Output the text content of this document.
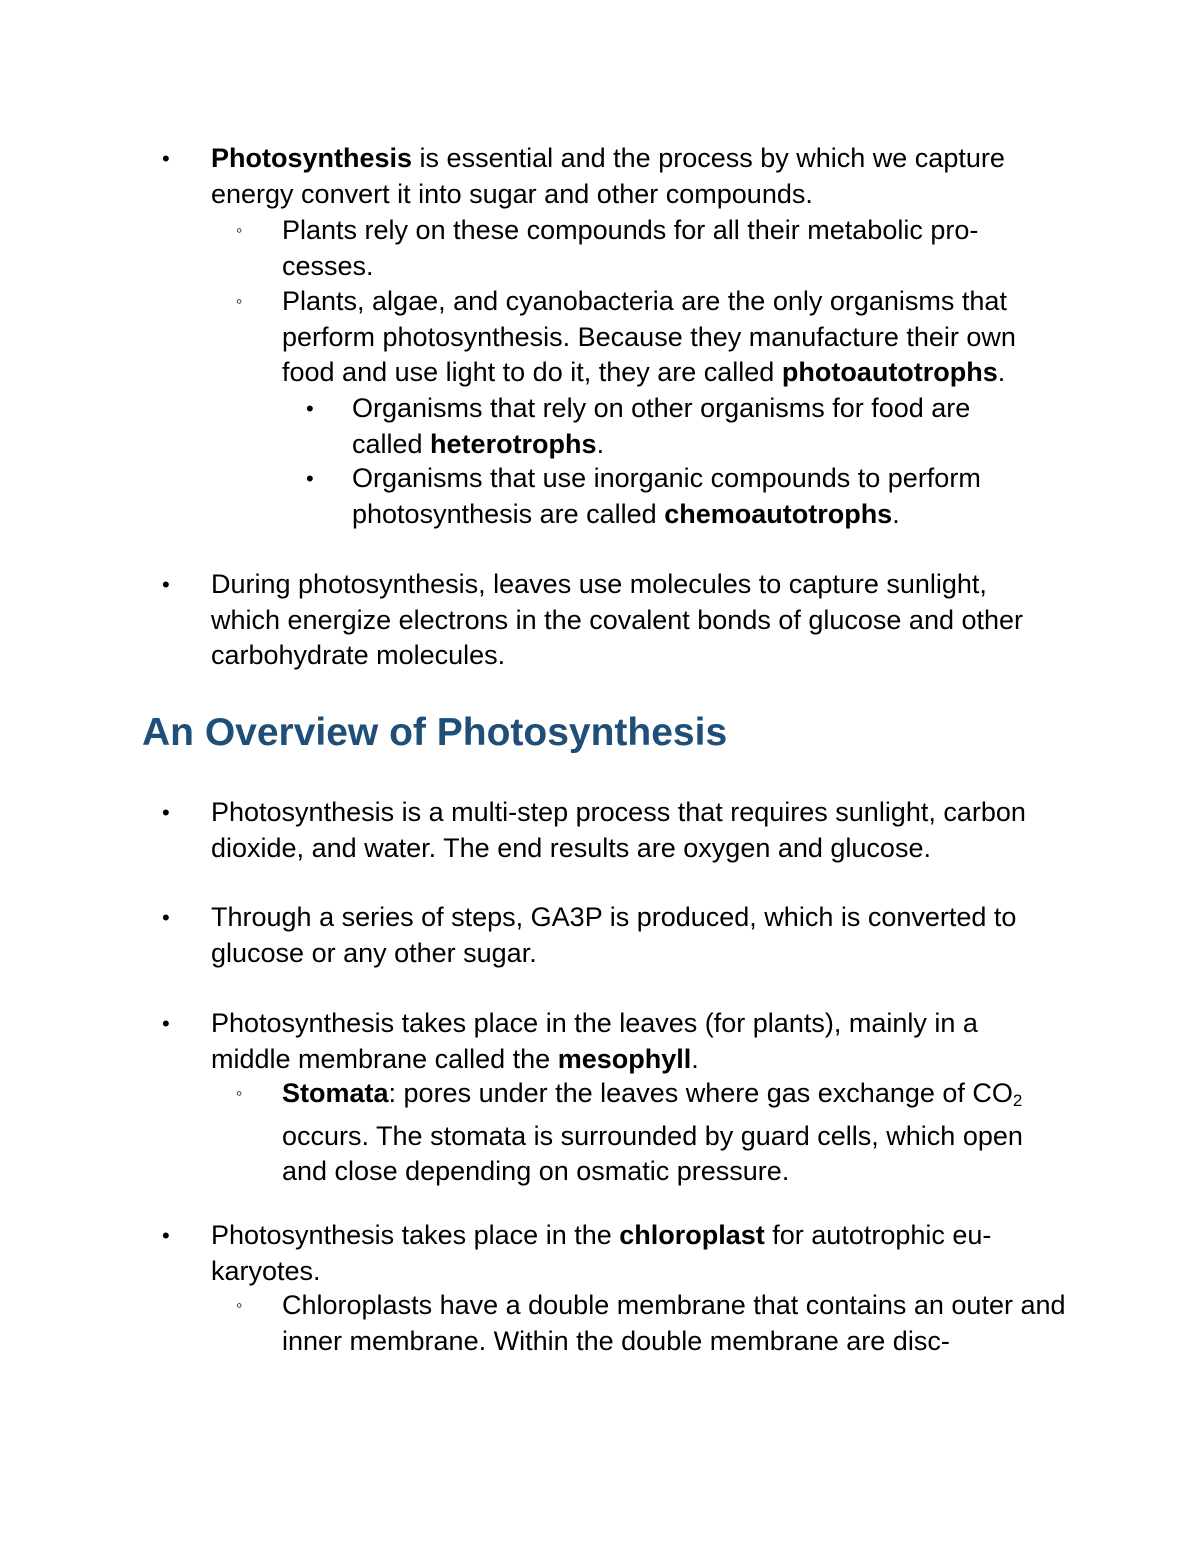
• Photosynthesis is essential and the process by which we capture energy convert it into sugar and other compounds.
◦ Plants rely on these compounds for all their metabolic processes.
◦ Plants, algae, and cyanobacteria are the only organisms that perform photosynthesis. Because they manufacture their own food and use light to do it, they are called photoautotrophs.
• Organisms that rely on other organisms for food are called heterotrophs.
• Organisms that use inorganic compounds to perform photosynthesis are called chemoautotrophs.
• During photosynthesis, leaves use molecules to capture sunlight, which energize electrons in the covalent bonds of glucose and other carbohydrate molecules.
An Overview of Photosynthesis
• Photosynthesis is a multi-step process that requires sunlight, carbon dioxide, and water. The end results are oxygen and glucose.
• Through a series of steps, GA3P is produced, which is converted to glucose or any other sugar.
• Photosynthesis takes place in the leaves (for plants), mainly in a middle membrane called the mesophyll.
◦ Stomata: pores under the leaves where gas exchange of CO2 occurs. The stomata is surrounded by guard cells, which open and close depending on osmatic pressure.
• Photosynthesis takes place in the chloroplast for autotrophic eukaryotes.
◦ Chloroplasts have a double membrane that contains an outer and inner membrane. Within the double membrane are disc-
